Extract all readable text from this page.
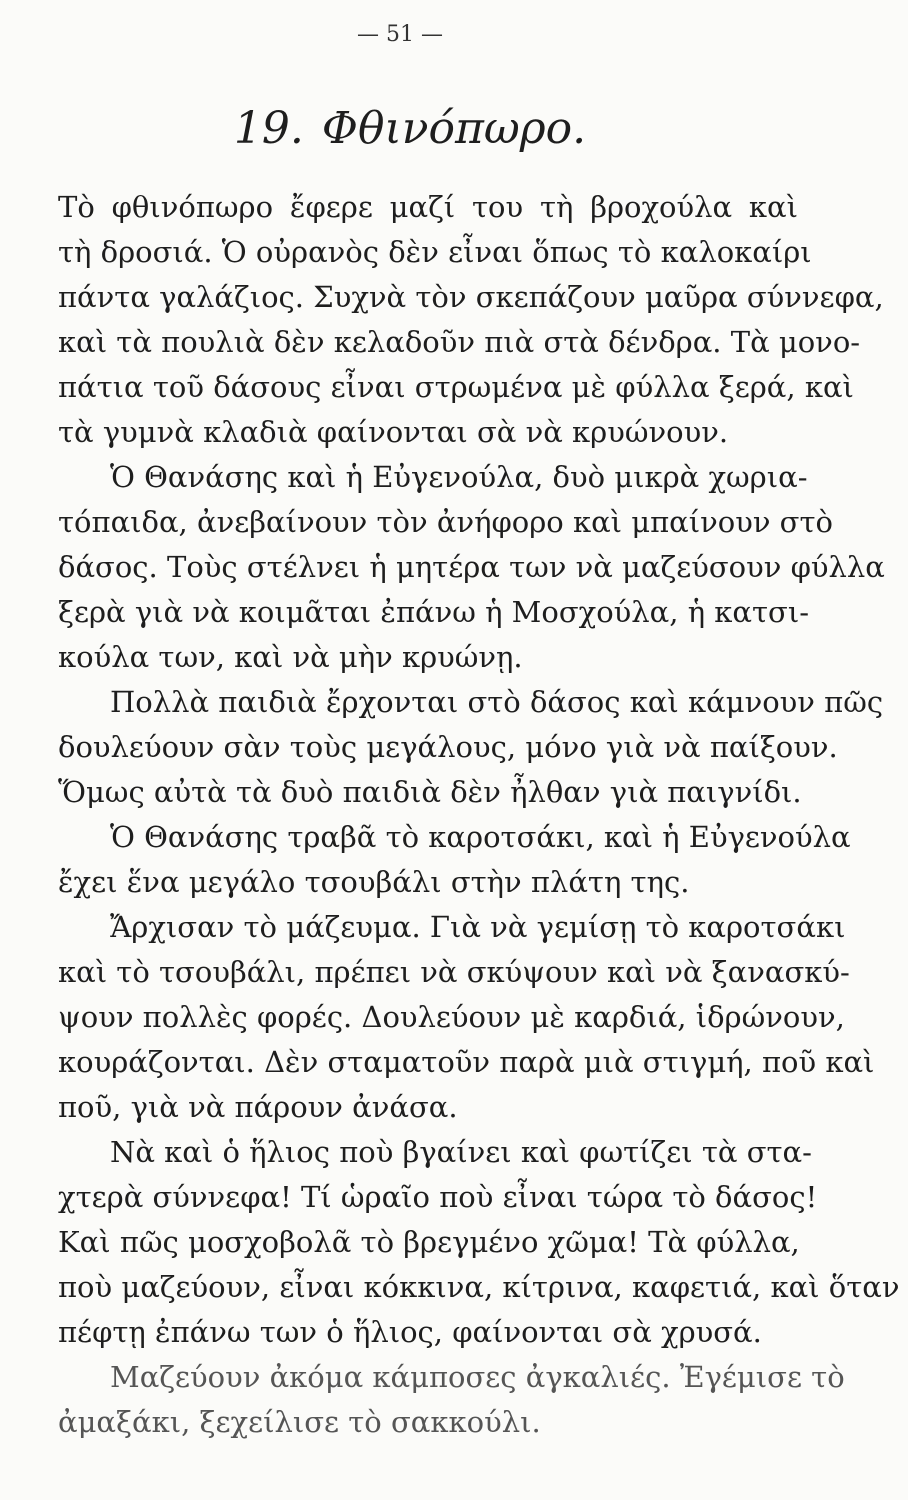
— 51 —
19. Φθινόπωρο.
Τὸ φθινόπωρο ἔφερε μαζί του τὴ βροχούλα καὶ
τὴ δροσιά. Ὁ οὐρανὸς δὲν εἶναι ὅπως τὸ καλοκαίρι
πάντα γαλάζιος. Συχνὰ τὸν σκεπάζουν μαῦρα σύννεφα,
καὶ τὰ πουλιὰ δὲν κελαδοῦν πιὰ στὰ δένδρα. Τὰ μονο-
πάτια τοῦ δάσους εἶναι στρωμένα μὲ φύλλα ξερά, καὶ
τὰ γυμνὰ κλαδιὰ φαίνονται σὰ νὰ κρυώνουν.
Ὁ Θανάσης καὶ ἡ Εὐγενούλα, δυὸ μικρὰ χωρια-
τόπαιδα, ἀνεβαίνουν τὸν ἀνήφορο καὶ μπαίνουν στὸ
δάσος. Τοὺς στέλνει ἡ μητέρα των νὰ μαζεύσουν φύλλα
ξερὰ γιὰ νὰ κοιμᾶται ἐπάνω ἡ Μοσχούλα, ἡ κατσι-
κούλα των, καὶ νὰ μὴν κρυώνῃ.
Πολλὰ παιδιὰ ἔρχονται στὸ δάσος καὶ κάμνουν πῶς
δουλεύουν σὰν τοὺς μεγάλους, μόνο γιὰ νὰ παίξουν.
Ὅμως αὐτὰ τὰ δυὸ παιδιὰ δὲν ἦλθαν γιὰ παιγνίδι.
Ὁ Θανάσης τραβᾶ τὸ καροτσάκι, καὶ ἡ Εὐγενούλα
ἔχει ἕνα μεγάλο τσουβάλι στὴν πλάτη της.
Ἄρχισαν τὸ μάζευμα. Γιὰ νὰ γεμίσῃ τὸ καροτσάκι
καὶ τὸ τσουβάλι, πρέπει νὰ σκύψουν καὶ νὰ ξανασκύ-
ψουν πολλὲς φορές. Δουλεύουν μὲ καρδιά, ἱδρώνουν,
κουράζονται. Δὲν σταματοῦν παρὰ μιὰ στιγμή, ποῦ καὶ
ποῦ, γιὰ νὰ πάρουν ἀνάσα.
Νὰ καὶ ὁ ἥλιος ποὺ βγαίνει καὶ φωτίζει τὰ στα-
χτερὰ σύννεφα! Τί ὡραῖο ποὺ εἶναι τώρα τὸ δάσος!
Καὶ πῶς μοσχοβολᾶ τὸ βρεγμένο χῶμα! Τὰ φύλλα,
ποὺ μαζεύουν, εἶναι κόκκινα, κίτρινα, καφετιά, καὶ ὅταν
πέφτῃ ἐπάνω των ὁ ἥλιος, φαίνονται σὰ χρυσά.
Μαζεύουν ἀκόμα κάμποσες ἀγκαλιές. Ἐγέμισε τὸ
ἀμαξάκι, ξεχείλισε τὸ σακκούλι.
